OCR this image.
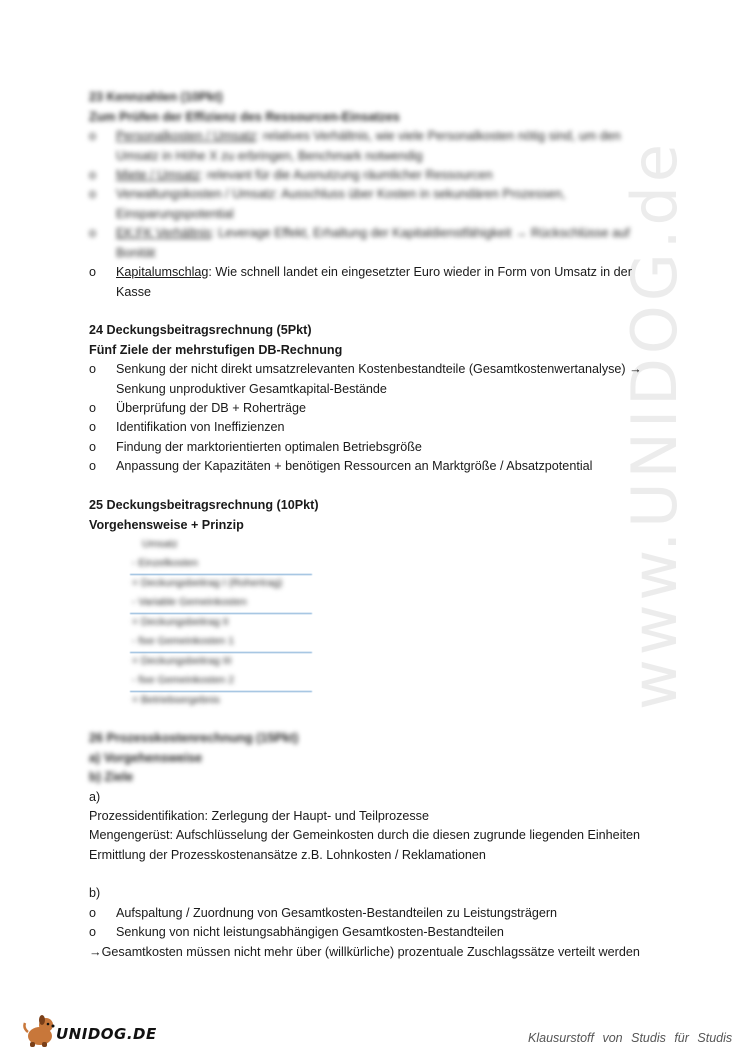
www.UNIDOG.de
23 Kennzahlen (10Pkt)
Zum Prüfen der Effizienz des Ressourcen-Einsatzes
o	Personalkosten / Umsatz: relatives Verhältnis, wie viele Personalkosten nötig sind, um den
Umsatz in Höhe X zu erbringen, Benchmark notwendig
o	Miete / Umsatz: relevant für die Ausnutzung räumlicher Ressourcen
o	Verwaltungskosten / Umsatz: Ausschluss über Kosten in sekundären Prozessen,
Einsparungspotential
o	EK:FK Verhältnis: Leverage Effekt, Erhaltung der Kapitaldienstfähigkeit → Rückschlüsse auf
Bonität
o	Kapitalumschlag: Wie schnell landet ein eingesetzter Euro wieder in Form von Umsatz in der
Kasse
24 Deckungsbeitragsrechnung (5Pkt)
Fünf Ziele der mehrstufigen DB-Rechnung
o	Senkung der nicht direkt umsatzrelevanten Kostenbestandteile (Gesamtkostenwertanalyse) →
Senkung unproduktiver Gesamtkapital-Bestände
o	Überprüfung der DB + Roherträge
o	Identifikation von Ineffizienzen
o	Findung der marktorientierten optimalen Betriebsgröße
o	Anpassung der Kapazitäten + benötigen Ressourcen an Marktgröße / Absatzpotential
25 Deckungsbeitragsrechnung (10Pkt)
Vorgehensweise + Prinzip
Umsatz
- Einzelkosten
= Deckungsbeitrag I (Rohertrag)
- Variable Gemeinkosten
= Deckungsbeitrag II
- fixe Gemeinkosten 1
= Deckungsbeitrag III
- fixe Gemeinkosten 2
= Betriebsergebnis
26 Prozesskostenrechnung (15Pkt)
a) Vorgehensweise
b) Ziele
a)
Prozessidentifikation: Zerlegung der Haupt- und Teilprozesse
Mengengerüst: Aufschlüsselung der Gemeinkosten durch die diesen zugrunde liegenden Einheiten
Ermittlung der Prozesskostenansätze z.B. Lohnkosten / Reklamationen
b)
o	Aufspaltung / Zuordnung von Gesamtkosten-Bestandteilen zu Leistungsträgern
o	Senkung von nicht leistungsabhängigen Gesamtkosten-Bestandteilen
→Gesamtkosten müssen nicht mehr über (willkürliche) prozentuale Zuschlagssätze verteilt werden
UNIDOG.DE	Klausurstoff von Studis für Studis
